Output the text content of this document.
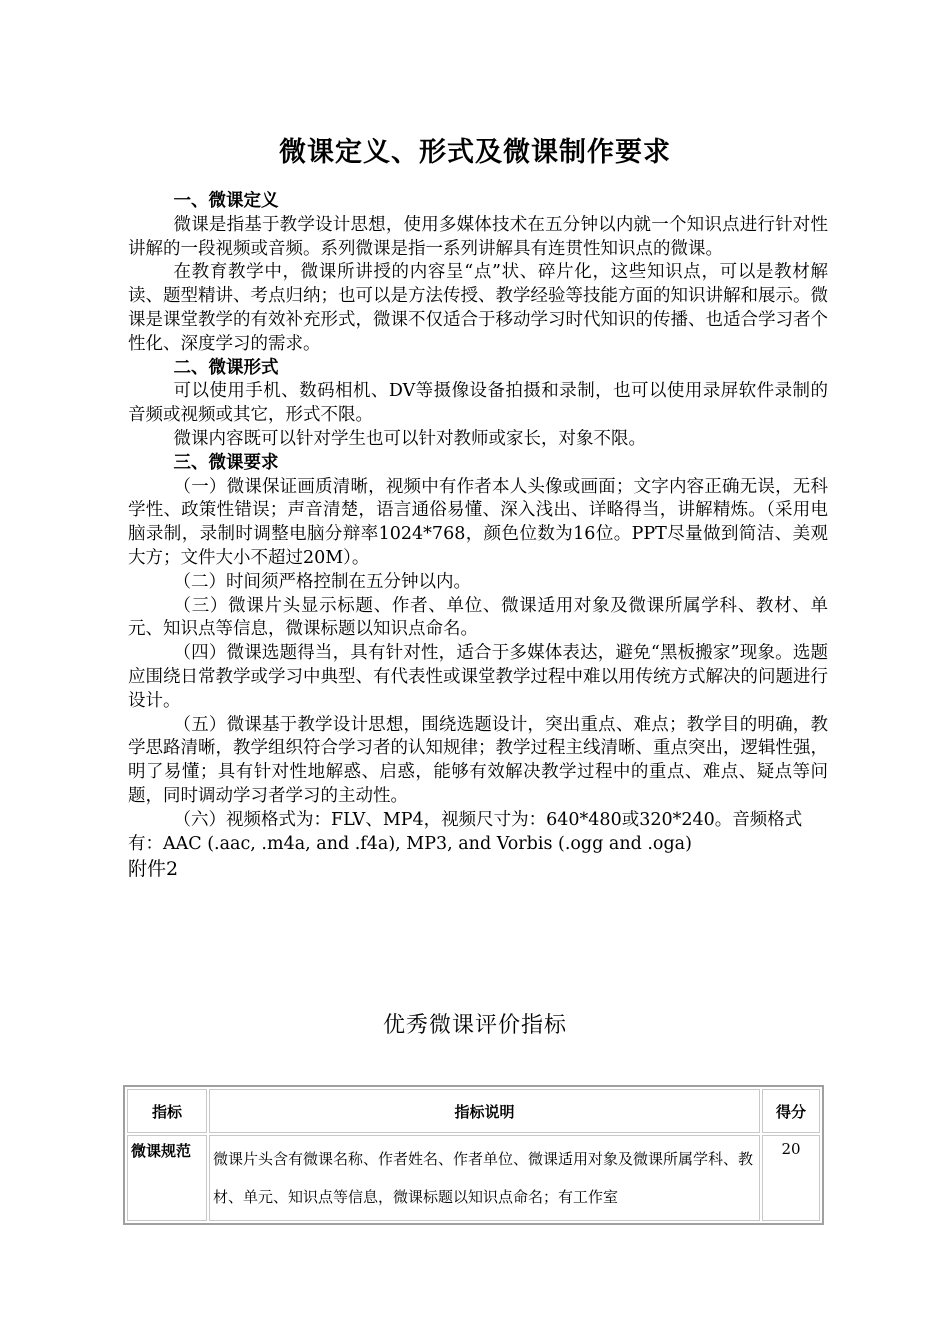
微课定义、形式及微课制作要求
一、微课定义

微课是指基于教学设计思想，使用多媒体技术在五分钟以内就一个知识点进行针对性讲解的一段视频或音频。系列微课是指一系列讲解具有连贯性知识点的微课。

在教育教学中，微课所讲授的内容呈“点”状、碎片化，这些知识点，可以是教材解读、题型精讲、考点归纳；也可以是方法传授、教学经验等技能方面的知识讲解和展示。微课是课堂教学的有效补充形式，微课不仅适合于移动学习时代知识的传播、也适合学习者个性化、深度学习的需求。

二、微课形式

可以使用手机、数码相机、DV等摄像设备拍摄和录制，也可以使用录屏软件录制的音频或视频或其它，形式不限。

微课内容既可以针对学生也可以针对教师或家长，对象不限。

三、微课要求

（一）微课保证画质清晰，视频中有作者本人头像或画面；文字内容正确无误，无科学性、政策性错误；声音清楚，语言通俗易懂、深入浅出、详略得当，讲解精炼。（采用电脑录制，录制时调整电脑分辩率1024*768，颜色位数为16位。PPT尽量做到简洁、美观大方；文件大小不超过20M）。

（二）时间须严格控制在五分钟以内。

（三）微课片头显示标题、作者、单位、微课适用对象及微课所属学科、教材、单元、知识点等信息，微课标题以知识点命名。

（四）微课选题得当，具有针对性，适合于多媒体表达，避免“黑板搬家”现象。选题应围绕日常教学或学习中典型、有代表性或课堂教学过程中难以用传统方式解决的问题进行设计。

（五）微课基于教学设计思想，围绕选题设计，突出重点、难点；教学目的明确，教学思路清晰，教学组织符合学习者的认知规律；教学过程主线清晰、重点突出，逻辑性强，明了易懂；具有针对性地解惑、启惑，能够有效解决教学过程中的重点、难点、疑点等问题，同时调动学习者学习的主动性。

（六）视频格式为：FLV、MP4，视频尺寸为：640*480或320*240。音频格式有：AAC (.aac, .m4a, and .f4a), MP3, and Vorbis (.ogg and .oga)

附件2

优秀微课评价指标
指标	指标说明	得分
微课规范	微课片头含有微课名称、作者姓名、作者单位、微课适用对象及微课所属学科、教材、单元、知识点等信息，微课标题以知识点命名；有工作室	20
